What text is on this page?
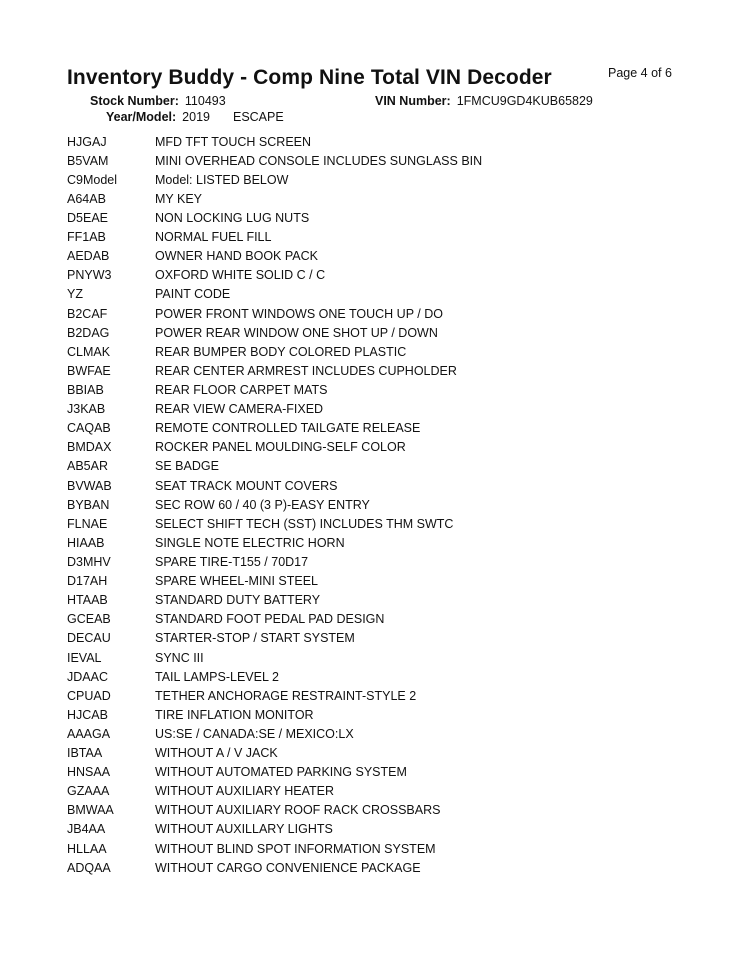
Inventory Buddy - Comp Nine Total VIN Decoder	Page 4 of 6
Stock Number: 110493	VIN Number: 1FMCU9GD4KUB65829
Year/Model: 2019 ESCAPE
HJGAJ	MFD TFT TOUCH SCREEN
B5VAM	MINI OVERHEAD CONSOLE INCLUDES SUNGLASS BIN
C9Model	Model: LISTED BELOW
A64AB	MY KEY
D5EAE	NON LOCKING LUG NUTS
FF1AB	NORMAL FUEL FILL
AEDAB	OWNER HAND BOOK PACK
PNYW3	OXFORD WHITE SOLID C / C
YZ	PAINT CODE
B2CAF	POWER FRONT WINDOWS ONE TOUCH UP / DO
B2DAG	POWER REAR WINDOW ONE SHOT UP / DOWN
CLMAK	REAR BUMPER BODY COLORED PLASTIC
BWFAE	REAR CENTER ARMREST INCLUDES CUPHOLDER
BBIAB	REAR FLOOR CARPET MATS
J3KAB	REAR VIEW CAMERA-FIXED
CAQAB	REMOTE CONTROLLED TAILGATE RELEASE
BMDAX	ROCKER PANEL MOULDING-SELF COLOR
AB5AR	SE BADGE
BVWAB	SEAT TRACK MOUNT COVERS
BYBAN	SEC ROW 60 / 40 (3 P)-EASY ENTRY
FLNAE	SELECT SHIFT TECH (SST) INCLUDES THM SWTC
HIAAB	SINGLE NOTE ELECTRIC HORN
D3MHV	SPARE TIRE-T155 / 70D17
D17AH	SPARE WHEEL-MINI STEEL
HTAAB	STANDARD DUTY BATTERY
GCEAB	STANDARD FOOT PEDAL PAD DESIGN
DECAU	STARTER-STOP / START SYSTEM
IEVAL	SYNC III
JDAAC	TAIL LAMPS-LEVEL 2
CPUAD	TETHER ANCHORAGE RESTRAINT-STYLE 2
HJCAB	TIRE INFLATION MONITOR
AAAGA	US:SE / CANADA:SE / MEXICO:LX
IBTAA	WITHOUT A / V JACK
HNSAA	WITHOUT AUTOMATED PARKING SYSTEM
GZAAA	WITHOUT AUXILIARY HEATER
BMWAA	WITHOUT AUXILIARY ROOF RACK CROSSBARS
JB4AA	WITHOUT AUXILLARY LIGHTS
HLLAA	WITHOUT BLIND SPOT INFORMATION SYSTEM
ADQAA	WITHOUT CARGO CONVENIENCE PACKAGE
